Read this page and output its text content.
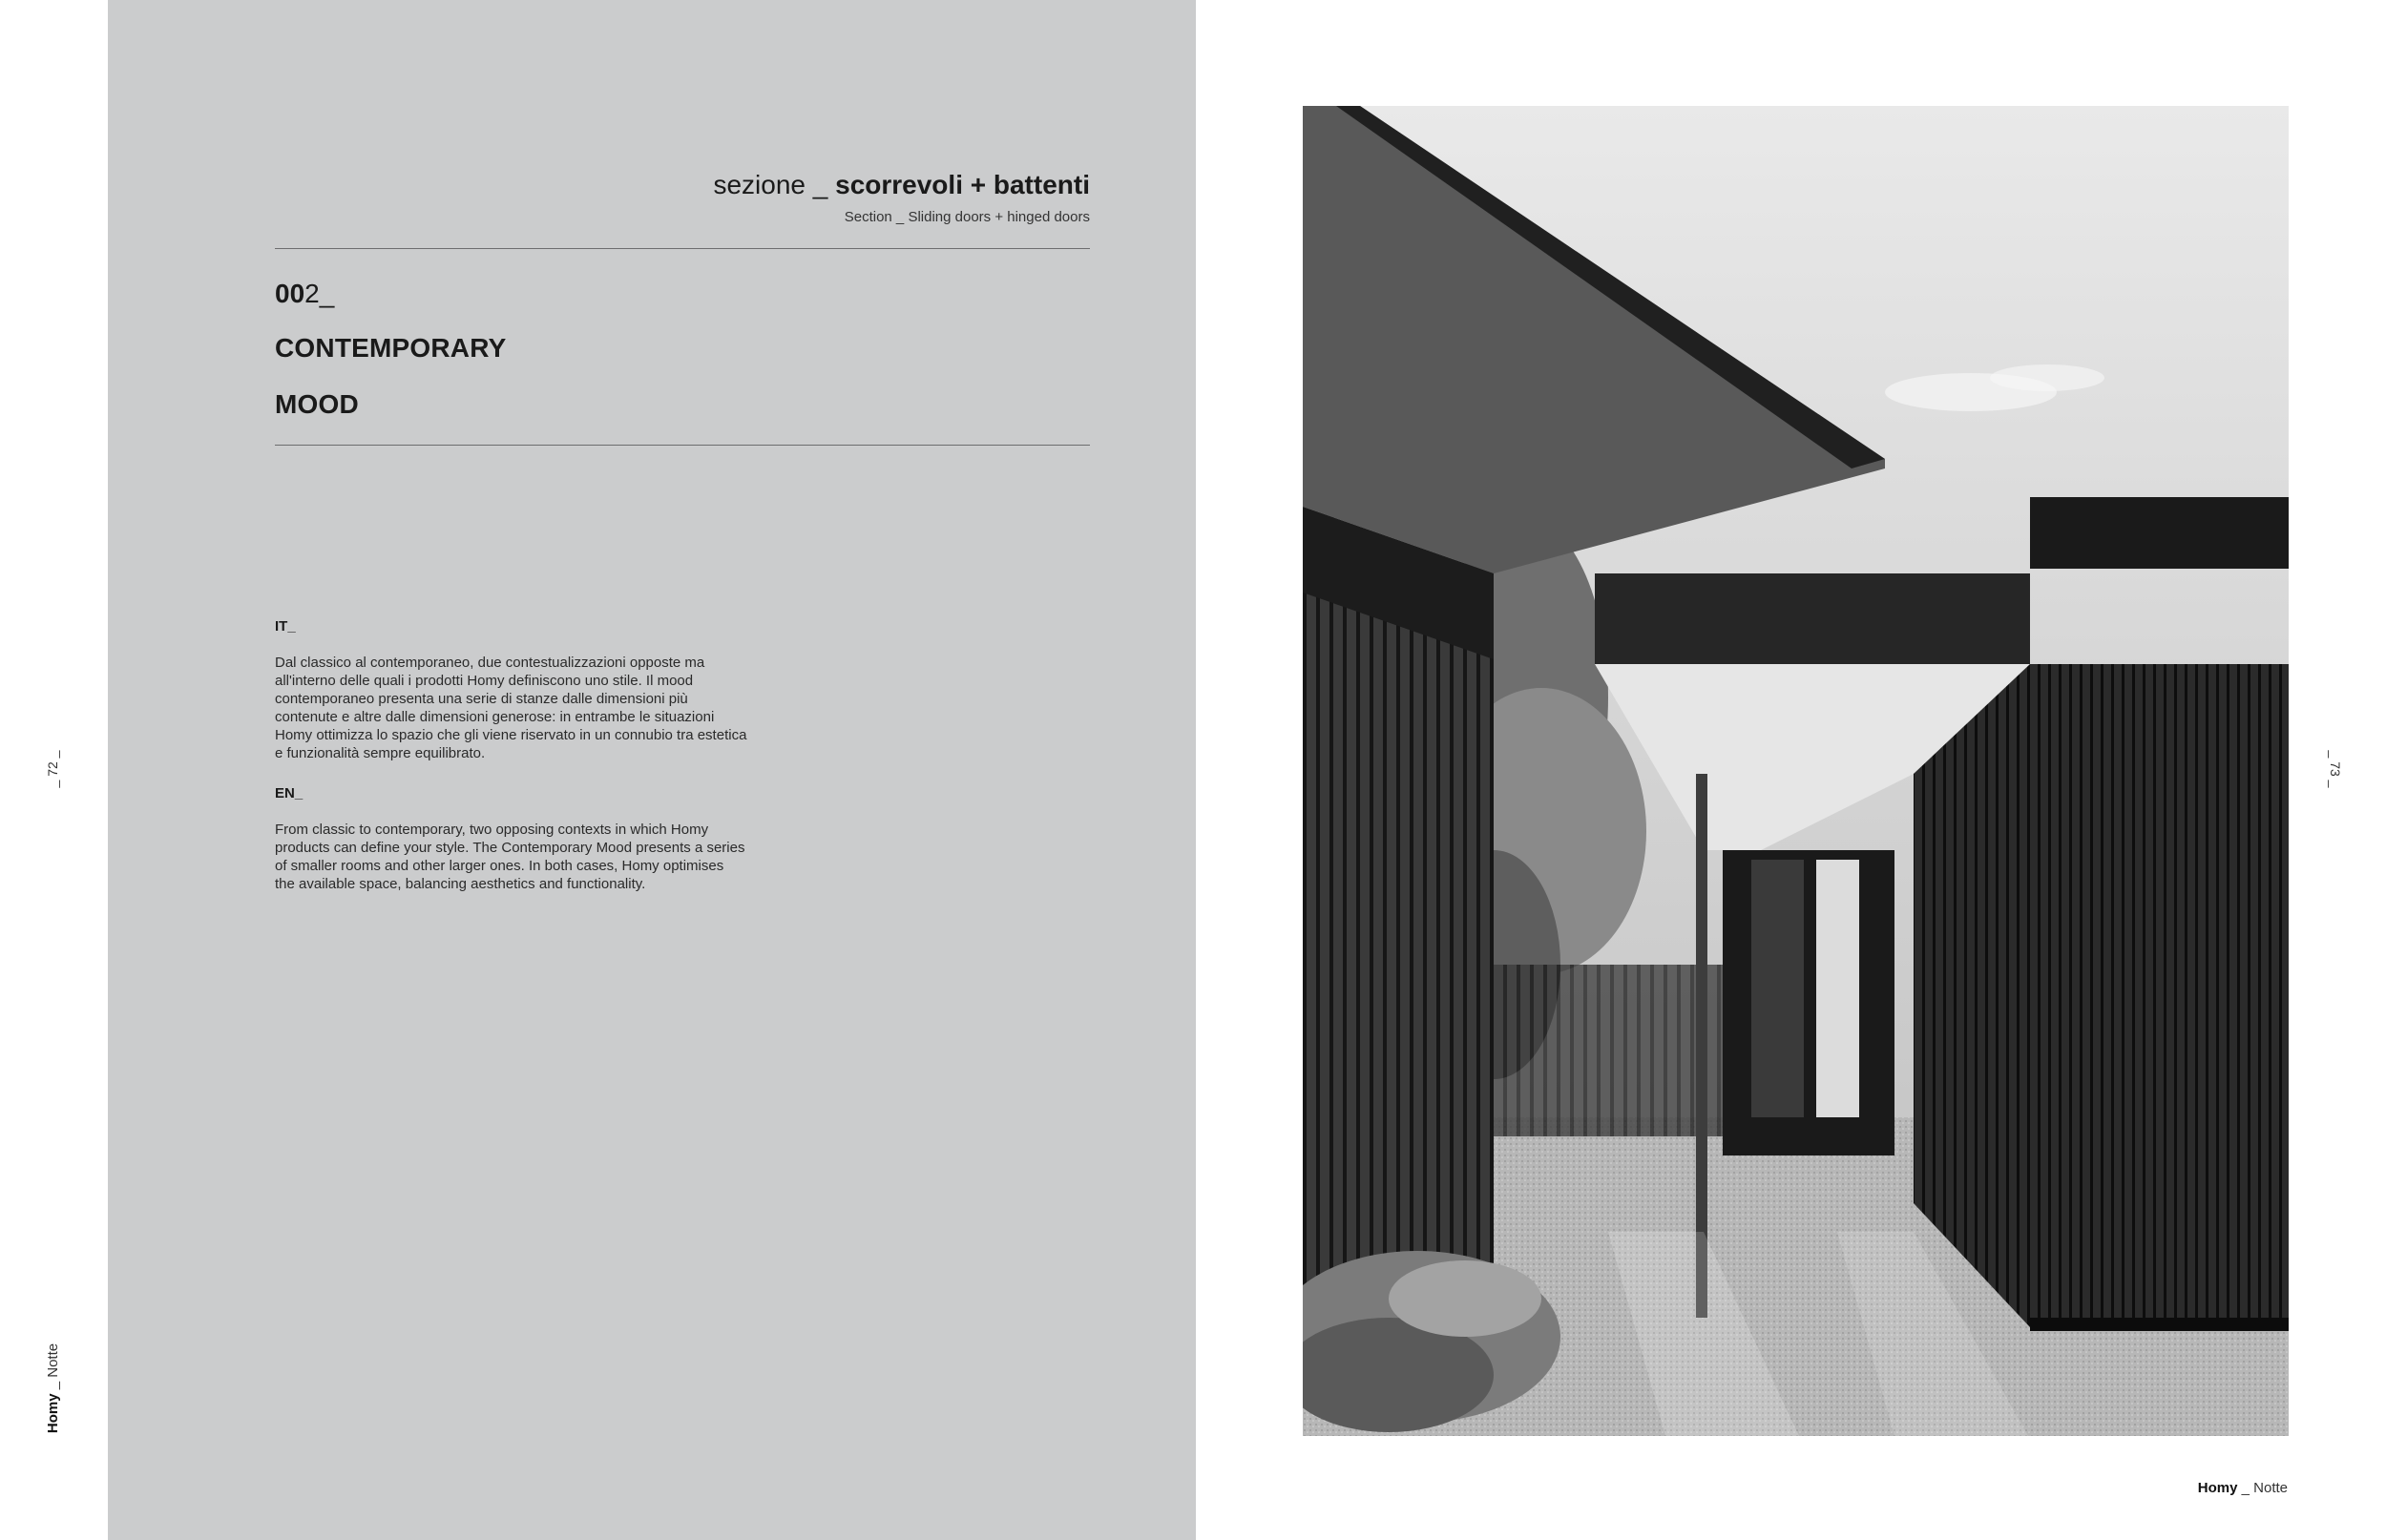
sezione _ scorrevoli + battenti
Section _ Sliding doors + hinged doors
002_
CONTEMPORARY
MOOD
IT_
Dal classico al contemporaneo, due contestualizzazioni opposte ma
all'interno delle quali i prodotti Homy definiscono uno stile. Il mood
contemporaneo presenta una serie di stanze dalle dimensioni più
contenute e altre dalle dimensioni generose: in entrambe le situazioni
Homy ottimizza lo spazio che gli viene riservato in un connubio tra estetica
e funzionalità sempre equilibrato.
EN_
From classic to contemporary, two opposing contexts in which Homy
products can define your style. The Contemporary Mood presents a series
of smaller rooms and other larger ones. In both cases, Homy optimises
the available space, balancing aesthetics and functionality.
_ 72 _	_ 73 _
Homy _ Notte
Homy _ Notte
